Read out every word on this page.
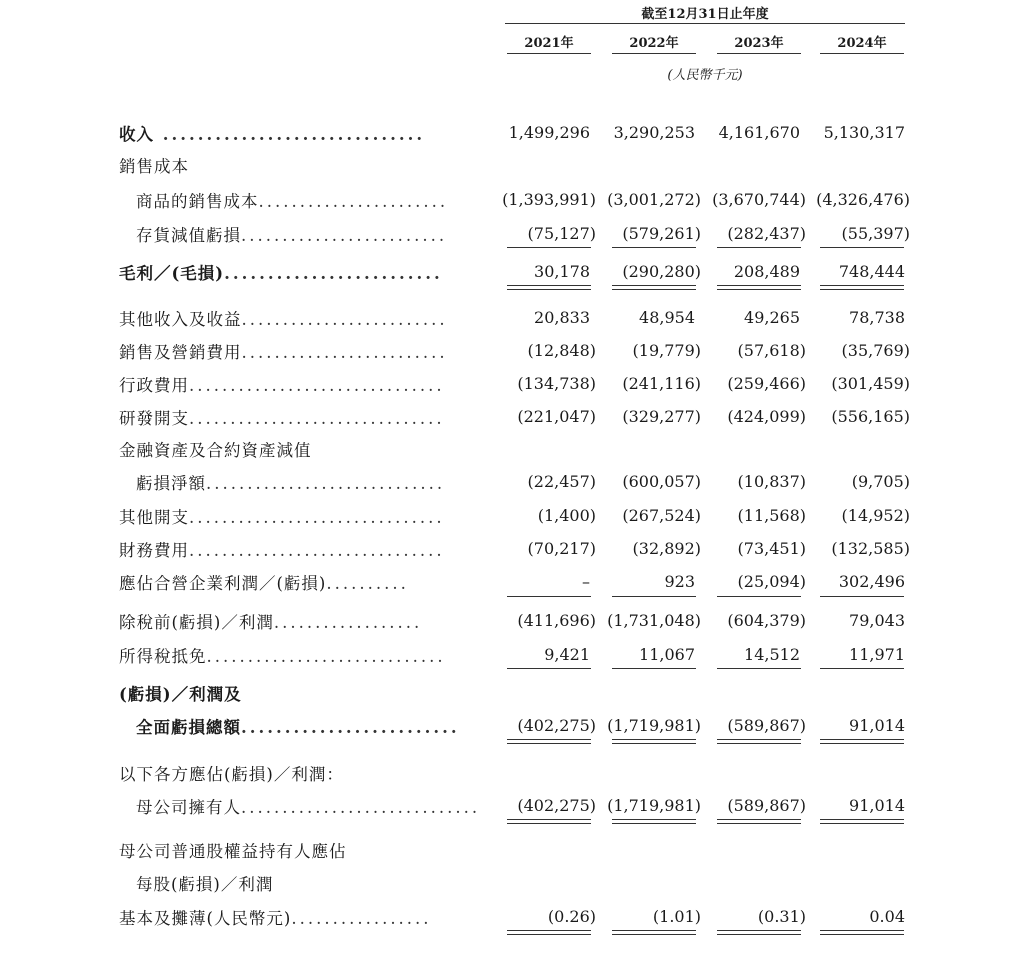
截至12月31日止年度
2021年	2022年	2023年	2024年
(人民幣千元)
收入 ..............................	1,499,296	3,290,253	4,161,670	5,130,317
銷售成本
商品的銷售成本.......................	(1,393,991) (3,001,272) (3,670,744) (4,326,476)
存貨減值虧損.........................	(75,127)	(579,261)	(282,437)	(55,397)
毛利／(毛損).........................	30,178	(290,280)	208,489	748,444
其他收入及收益.........................	20,833	48,954	49,265	78,738
銷售及營銷費用.........................	(12,848)	(19,779)	(57,618)	(35,769)
行政費用...............................	(134,738)	(241,116)	(259,466)	(301,459)
研發開支...............................	(221,047)	(329,277)	(424,099)	(556,165)
金融資產及合約資產減值
虧損淨額.............................	(22,457)	(600,057)	(10,837)	(9,705)
其他開支...............................	(1,400)	(267,524)	(11,568)	(14,952)
財務費用...............................	(70,217)	(32,892)	(73,451)	(132,585)
應佔合營企業利潤／(虧損)..........	–	923	(25,094)	302,496
除稅前(虧損)／利潤..................	(411,696) (1,731,048)	(604,379)	79,043
所得稅抵免.............................	9,421	11,067	14,512	11,971
(虧損)／利潤及
全面虧損總額.........................	(402,275) (1,719,981)	(589,867)	91,014
以下各方應佔(虧損)／利潤：
母公司擁有人.............................	(402,275) (1,719,981)	(589,867)	91,014
母公司普通股權益持有人應佔
每股(虧損)／利潤
基本及攤薄(人民幣元).................	(0.26)	(1.01)	(0.31)	0.04
